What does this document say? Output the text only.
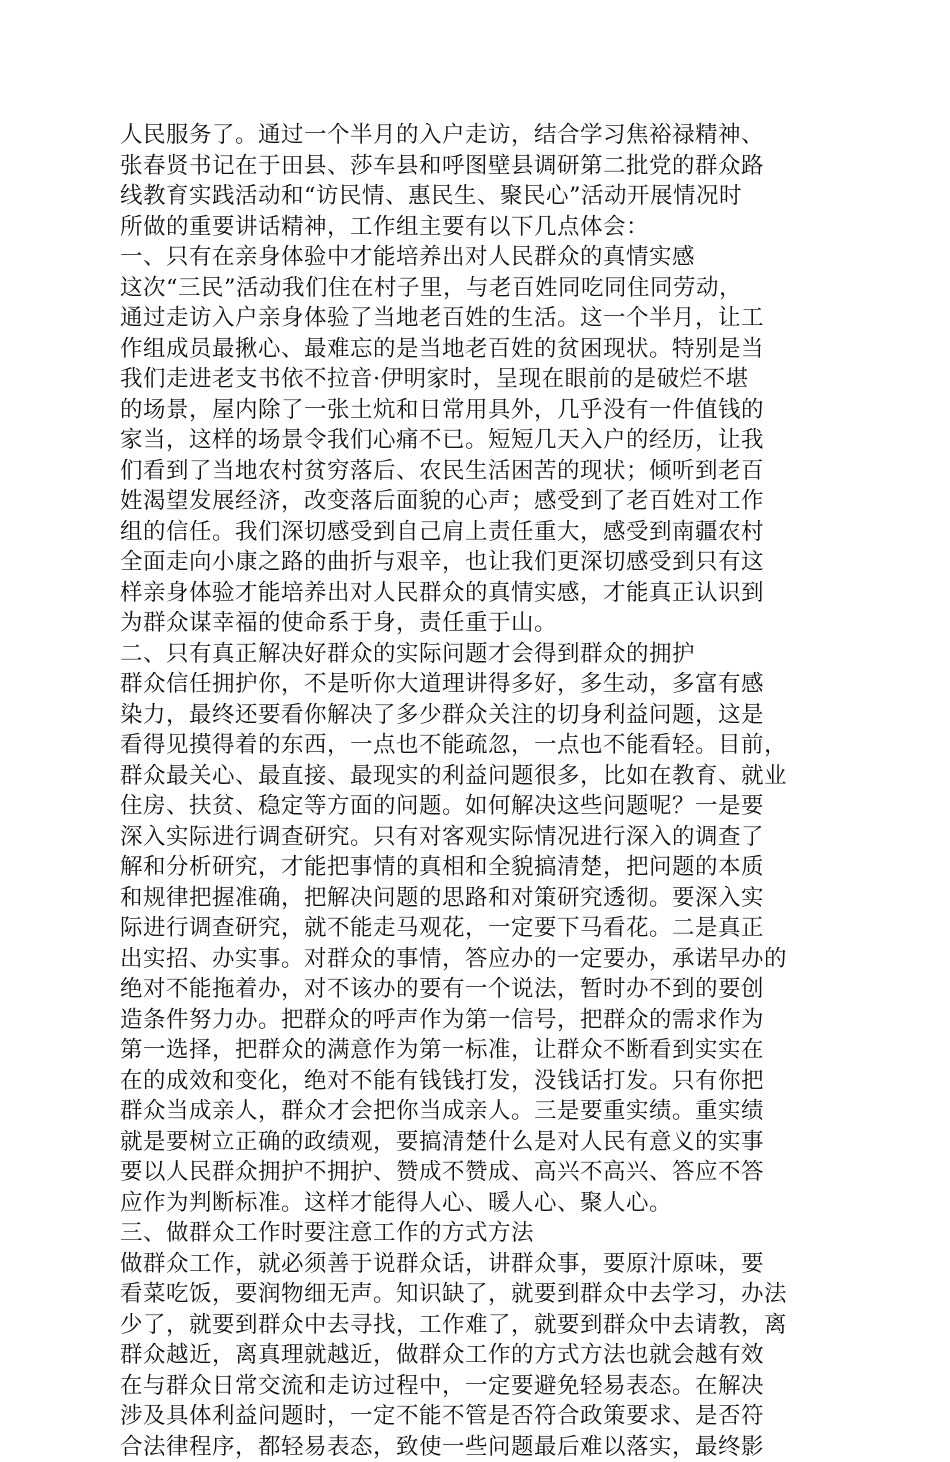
人民服务了。通过一个半月的入户走访，结合学习焦裕禄精神、
张春贤书记在于田县、莎车县和呼图壁县调研第二批党的群众路
线教育实践活动和“访民情、惠民生、聚民心”活动开展情况时
所做的重要讲话精神，工作组主要有以下几点体会：
一、只有在亲身体验中才能培养出对人民群众的真情实感
这次“三民”活动我们住在村子里，与老百姓同吃同住同劳动，
通过走访入户亲身体验了当地老百姓的生活。这一个半月，让工
作组成员最揪心、最难忘的是当地老百姓的贫困现状。特别是当
我们走进老支书依不拉音·伊明家时，呈现在眼前的是破烂不堪
的场景，屋内除了一张土炕和日常用具外，几乎没有一件值钱的
家当，这样的场景令我们心痛不已。短短几天入户的经历，让我
们看到了当地农村贫穷落后、农民生活困苦的现状；倾听到老百
姓渴望发展经济，改变落后面貌的心声；感受到了老百姓对工作
组的信任。我们深切感受到自己肩上责任重大，感受到南疆农村
全面走向小康之路的曲折与艰辛，也让我们更深切感受到只有这
样亲身体验才能培养出对人民群众的真情实感，才能真正认识到
为群众谋幸福的使命系于身，责任重于山。
二、只有真正解决好群众的实际问题才会得到群众的拥护
群众信任拥护你，不是听你大道理讲得多好，多生动，多富有感
染力，最终还要看你解决了多少群众关注的切身利益问题，这是
看得见摸得着的东西，一点也不能疏忽，一点也不能看轻。目前，
群众最关心、最直接、最现实的利益问题很多，比如在教育、就业
住房、扶贫、稳定等方面的问题。如何解决这些问题呢？一是要
深入实际进行调查研究。只有对客观实际情况进行深入的调查了
解和分析研究，才能把事情的真相和全貌搞清楚，把问题的本质
和规律把握准确，把解决问题的思路和对策研究透彻。要深入实
际进行调查研究，就不能走马观花，一定要下马看花。二是真正
出实招、办实事。对群众的事情，答应办的一定要办，承诺早办的
绝对不能拖着办，对不该办的要有一个说法，暂时办不到的要创
造条件努力办。把群众的呼声作为第一信号，把群众的需求作为
第一选择，把群众的满意作为第一标准，让群众不断看到实实在
在的成效和变化，绝对不能有钱钱打发，没钱话打发。只有你把
群众当成亲人，群众才会把你当成亲人。三是要重实绩。重实绩
就是要树立正确的政绩观，要搞清楚什么是对人民有意义的实事
要以人民群众拥护不拥护、赞成不赞成、高兴不高兴、答应不答
应作为判断标准。这样才能得人心、暖人心、聚人心。
三、做群众工作时要注意工作的方式方法
做群众工作，就必须善于说群众话，讲群众事，要原汁原味，要
看菜吃饭，要润物细无声。知识缺了，就要到群众中去学习，办法
少了，就要到群众中去寻找，工作难了，就要到群众中去请教，离
群众越近，离真理就越近，做群众工作的方式方法也就会越有效
在与群众日常交流和走访过程中，一定要避免轻易表态。在解决
涉及具体利益问题时，一定不能不管是否符合政策要求、是否符
合法律程序，都轻易表态，致使一些问题最后难以落实，最终影
